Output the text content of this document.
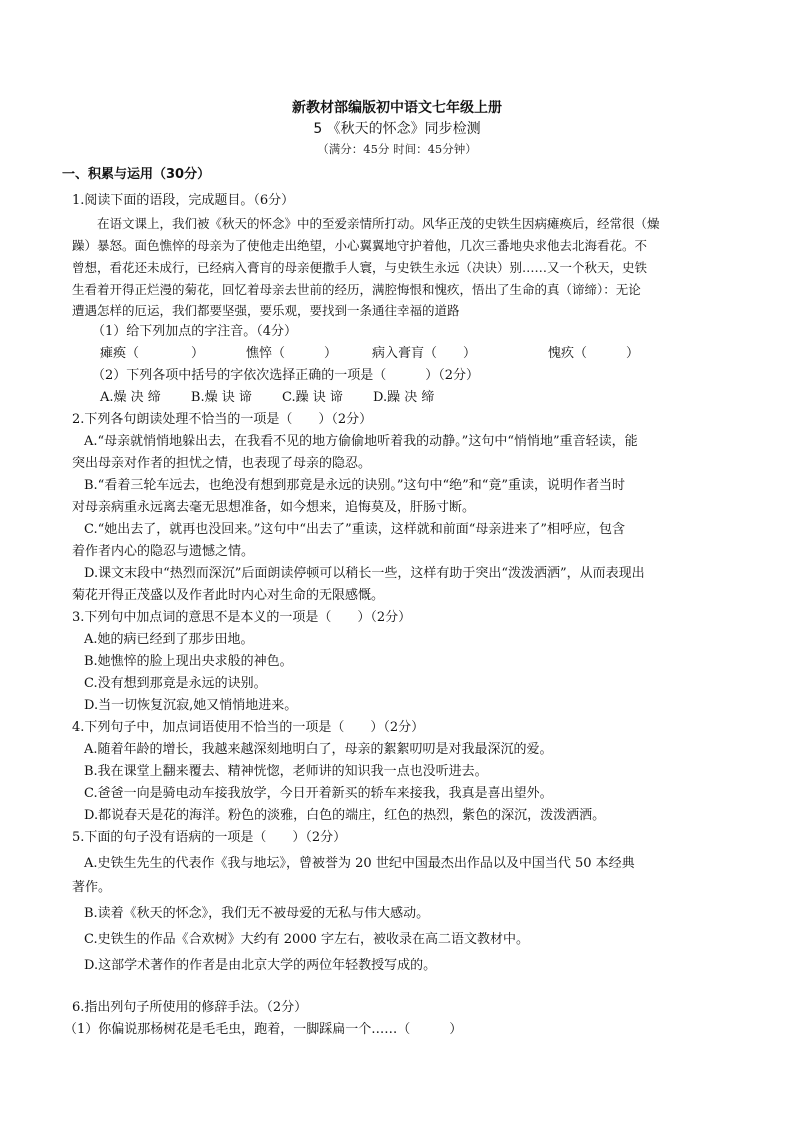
新教材部编版初中语文七年级上册
5 《秋天的怀念》同步检测
（满分：45分 时间：45分钟）
一、积累与运用（30分）
1.阅读下面的语段，完成题目。（6分）
　　在语文课上，我们被《秋天的怀念》中的至爱亲情所打动。风华正茂的史铁生因病瘫痪后，经常很（燥
躁）暴怒。面色憔悴的母亲为了使他走出绝望，小心翼翼地守护着他，几次三番地央求他去北海看花。不
曾想，看花还未成行，已经病入膏肓的母亲便撒手人寰，与史铁生永远（决诀）别……又一个秋天，史铁
生看着开得正烂漫的菊花，回忆着母亲去世前的经历，满腔悔恨和愧疚，悟出了生命的真（谛缔）：无论
遭遇怎样的厄运，我们都要坚强，要乐观，要找到一条通往幸福的道路
（1）给下列加点的字注音。（4分）
瘫痪（　　　　）	憔悴（　　　）	病入膏肓（　　）	愧疚（　　　）
（2）下列各项中括号的字依次选择正确的一项是（　　　）（2分）
A.燥 决 缔　　 B.燥 诀 谛　　 C.躁 诀 谛　　 D.躁 决 缔
2.下列各句朗读处理不恰当的一项是（　　）（2分）
A.“母亲就悄悄地躲出去，在我看不见的地方偷偷地听着我的动静。”这句中“悄悄地”重音轻读，能
突出母亲对作者的担忧之情，也表现了母亲的隐忍。
B.“看着三轮车远去，也绝没有想到那竟是永远的诀别。”这句中“绝”和“竟”重读，说明作者当时
对母亲病重永远离去毫无思想准备，如今想来，追悔莫及，肝肠寸断。
C.“她出去了，就再也没回来。”这句中“出去了”重读，这样就和前面“母亲进来了”相呼应，包含
着作者内心的隐忍与遗憾之情。
D.课文末段中“热烈而深沉”后面朗读停顿可以稍长一些，这样有助于突出“泼泼洒洒”，从而表现出
菊花开得正茂盛以及作者此时内心对生命的无限感慨。
3.下列句中加点词的意思不是本义的一项是（　　）（2分）
A.她的病已经到了那步田地。
B.她憔悴的脸上现出央求般的神色。
C.没有想到那竟是永远的诀别。
D.当一切恢复沉寂,她又悄悄地进来。
4.下列句子中，加点词语使用不恰当的一项是（　　）（2分）
A.随着年龄的增长，我越来越深刻地明白了，母亲的絮絮叨叨是对我最深沉的爱。
B.我在课堂上翻来覆去、精神恍惚，老师讲的知识我一点也没听进去。
C.爸爸一向是骑电动车接我放学，今日开着新买的轿车来接我，我真是喜出望外。
D.都说春天是花的海洋。粉色的淡雅，白色的端庄，红色的热烈，紫色的深沉，泼泼洒洒。
5.下面的句子没有语病的一项是（　　）（2分）
A.史铁生先生的代表作《我与地坛》，曾被誉为 20 世纪中国最杰出作品以及中国当代 50 本经典
著作。
B.读着《秋天的怀念》，我们无不被母爱的无私与伟大感动。
C.史铁生的作品《合欢树》大约有 2000 字左右，被收录在高二语文教材中。
D.这部学术著作的作者是由北京大学的两位年轻教授写成的。
6.指出列句子所使用的修辞手法。（2分）
（1）你偏说那杨树花是毛毛虫，跑着，一脚踩扁一个……（　　　）
